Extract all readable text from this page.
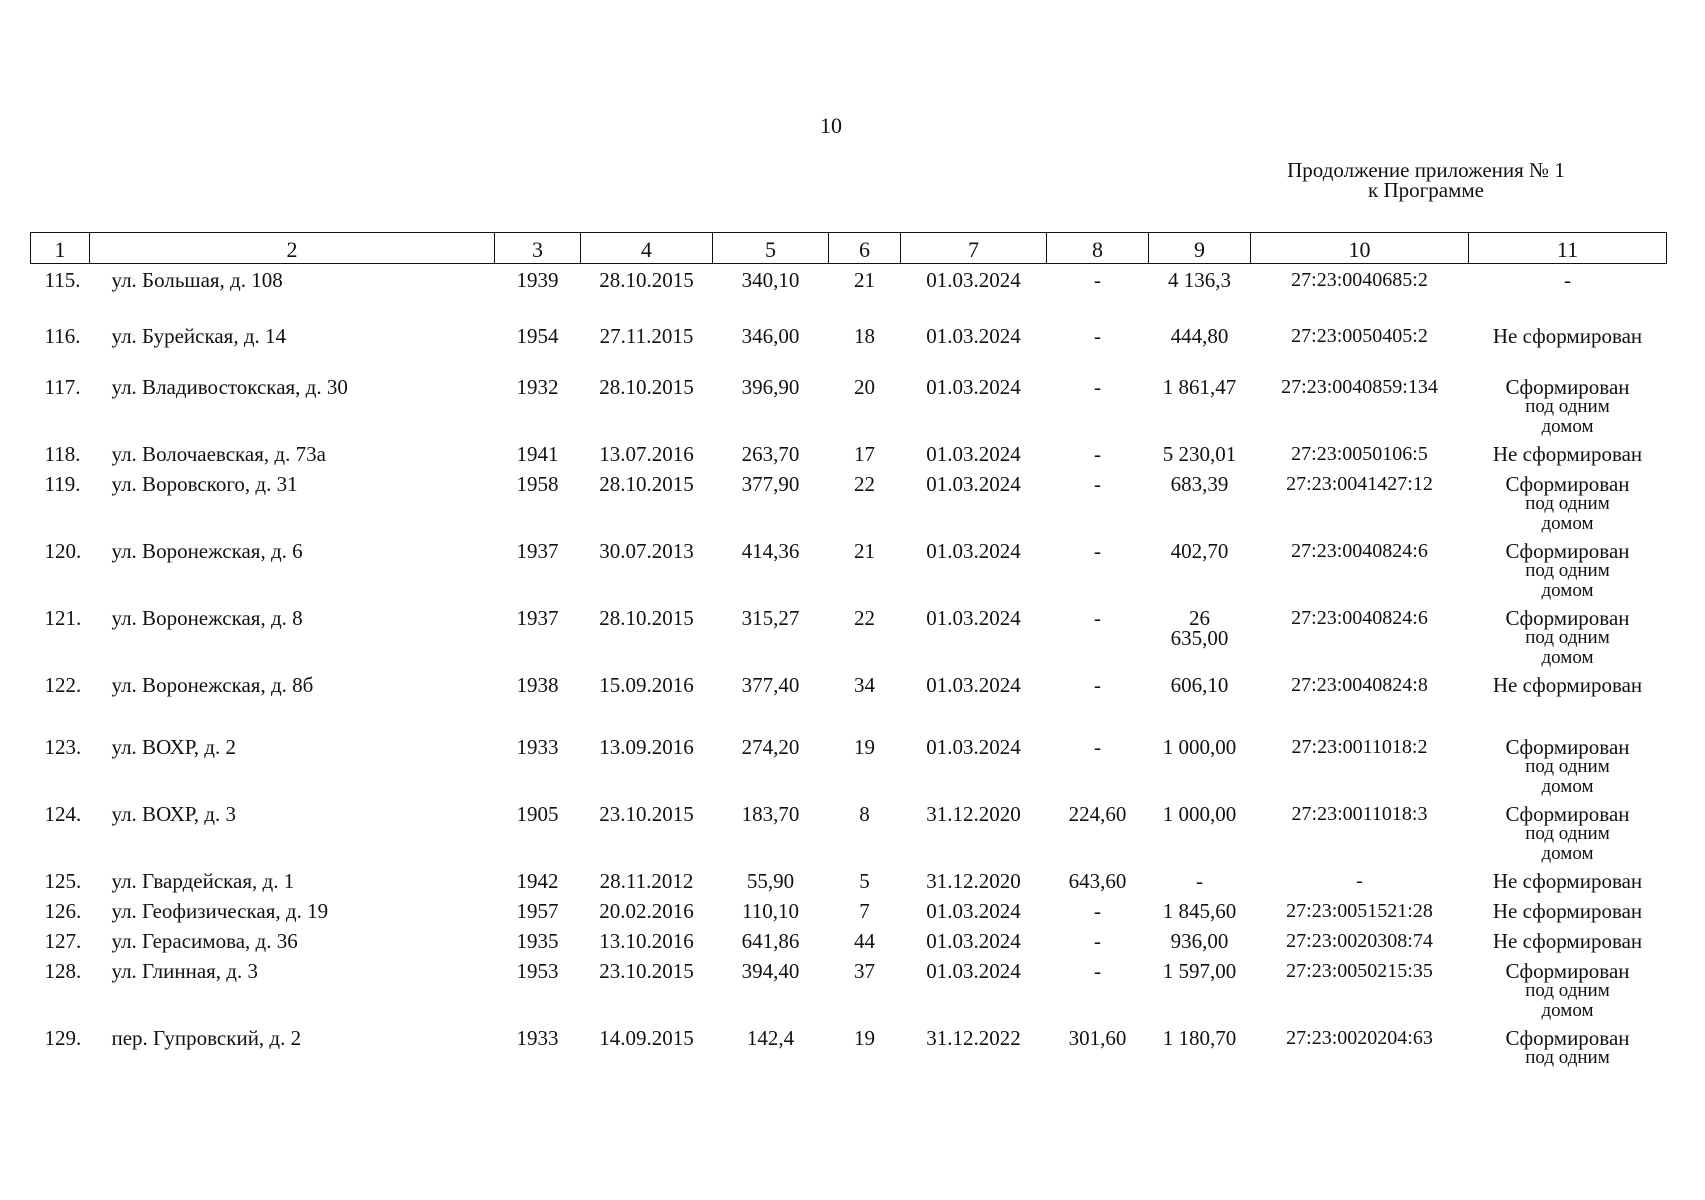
10
Продолжение приложения № 1
к Программе
1	2	3	4	5	6	7	8	9	10	11
115.	ул. Большая, д. 108	1939	28.10.2015	340,10	21	01.03.2024	-	4 136,3	27:23:0040685:2	-

116.	ул. Бурейская, д. 14	1954	27.11.2015	346,00	18	01.03.2024	-	444,80	27:23:0050405:2	Не сформирован

117.	ул. Владивостокская, д. 30	1932	28.10.2015	396,90	20	01.03.2024	-	1 861,47	27:23:0040859:134	Сформирован
под одним
домом

118.	ул. Волочаевская, д. 73а	1941	13.07.2016	263,70	17	01.03.2024	-	5 230,01	27:23:0050106:5	Не сформирован

119.	ул. Воровского, д. 31	1958	28.10.2015	377,90	22	01.03.2024	-	683,39	27:23:0041427:12	Сформирован
под одним
домом

120.	ул. Воронежская, д. 6	1937	30.07.2013	414,36	21	01.03.2024	-	402,70	27:23:0040824:6	Сформирован
под одним
домом

121.	ул. Воронежская, д. 8	1937	28.10.2015	315,27	22	01.03.2024	-	26
635,00	27:23:0040824:6	Сформирован
под одним
домом

122.	ул. Воронежская, д. 8б	1938	15.09.2016	377,40	34	01.03.2024	-	606,10	27:23:0040824:8	Не сформирован

123.	ул. ВОХР, д. 2	1933	13.09.2016	274,20	19	01.03.2024	-	1 000,00	27:23:0011018:2	Сформирован
под одним
домом

124.	ул. ВОХР, д. 3	1905	23.10.2015	183,70	8	31.12.2020	224,60	1 000,00	27:23:0011018:3	Сформирован
под одним
домом

125.	ул. Гвардейская, д. 1	1942	28.11.2012	55,90	5	31.12.2020	643,60	-	-	Не сформирован

126.	ул. Геофизическая, д. 19	1957	20.02.2016	110,10	7	01.03.2024	-	1 845,60	27:23:0051521:28	Не сформирован

127.	ул. Герасимова, д. 36	1935	13.10.2016	641,86	44	01.03.2024	-	936,00	27:23:0020308:74	Не сформирован

128.	ул. Глинная, д. 3	1953	23.10.2015	394,40	37	01.03.2024	-	1 597,00	27:23:0050215:35	Сформирован
под одним
домом

129.	пер. Гупровский, д. 2	1933	14.09.2015	142,4	19	31.12.2022	301,60	1 180,70	27:23:0020204:63	Сформирован
под одним
